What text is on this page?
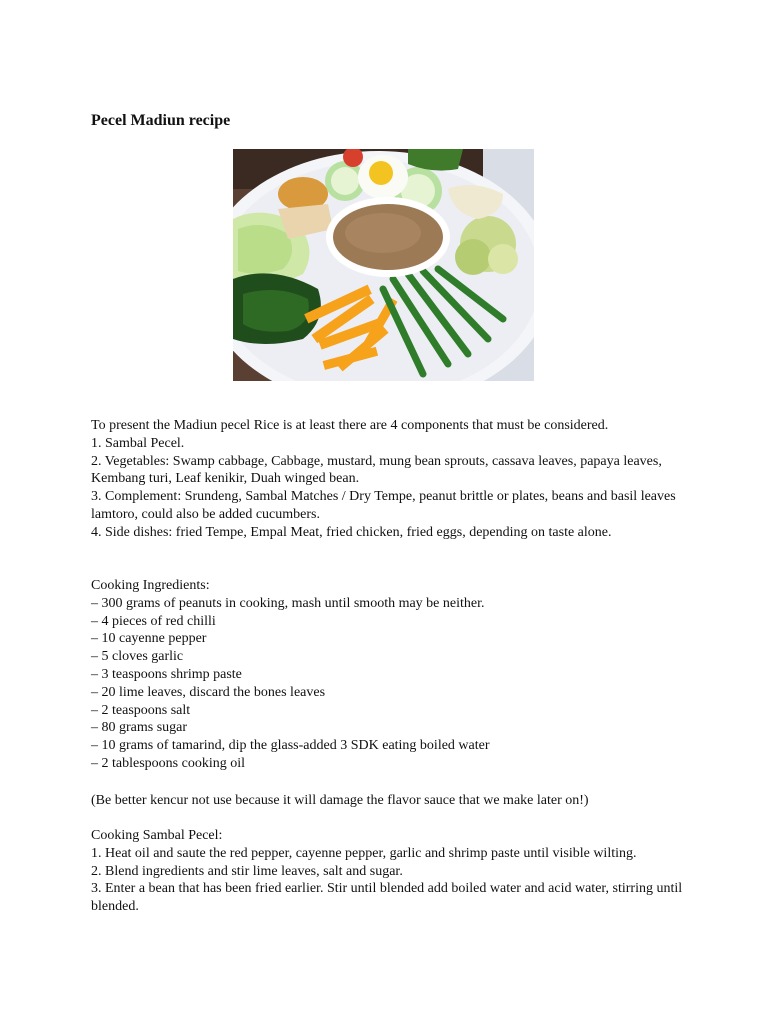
Pecel Madiun recipe

To present the Madiun pecel Rice is at least there are 4 components that must be considered.

1. Sambal Pecel.

2. Vegetables: Swamp cabbage, Cabbage, mustard, mung bean sprouts, cassava leaves, papaya leaves, Kembang turi, Leaf kenikir, Duah winged bean.

3. Complement: Srundeng, Sambal Matches / Dry Tempe, peanut brittle or plates, beans and basil leaves lamtoro, could also be added cucumbers.

4. Side dishes: fried Tempe, Empal Meat, fried chicken, fried eggs, depending on taste alone.

Cooking Ingredients:

– 300 grams of peanuts in cooking, mash until smooth may be neither.

– 4 pieces of red chilli

– 10 cayenne pepper

– 5 cloves garlic

– 3 teaspoons shrimp paste

– 20 lime leaves, discard the bones leaves

– 2 teaspoons salt

– 80 grams sugar

– 10 grams of tamarind, dip the glass-added 3 SDK eating boiled water

– 2 tablespoons cooking oil

(Be better kencur not use because it will damage the flavor sauce that we make later on!)

Cooking Sambal Pecel:

1. Heat oil and saute the red pepper, cayenne pepper, garlic and shrimp paste until visible wilting.

2. Blend ingredients and stir lime leaves, salt and sugar.

3. Enter a bean that has been fried earlier. Stir until blended add boiled water and acid water, stirring until blended.
